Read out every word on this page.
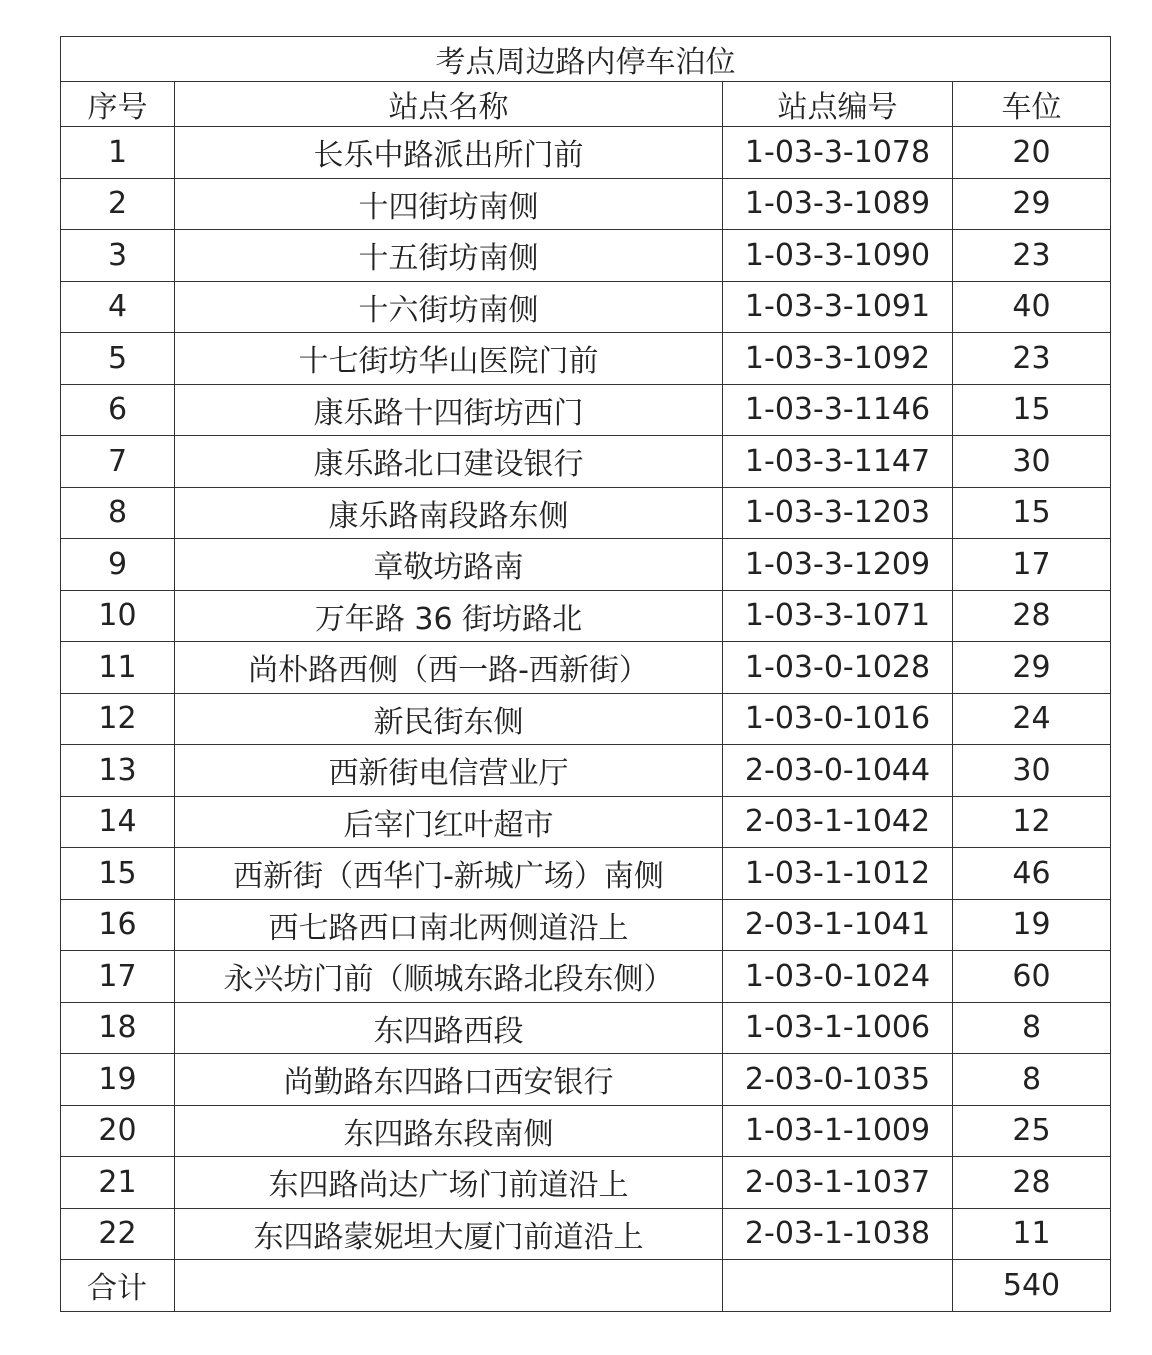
考点周边路内停车泊位			
序号	站点名称	站点编号	车位
1	长乐中路派出所门前	1-03-3-1078	20
2	十四街坊南侧	1-03-3-1089	29
3	十五街坊南侧	1-03-3-1090	23
4	十六街坊南侧	1-03-3-1091	40
5	十七街坊华山医院门前	1-03-3-1092	23
6	康乐路十四街坊西门	1-03-3-1146	15
7	康乐路北口建设银行	1-03-3-1147	30
8	康乐路南段路东侧	1-03-3-1203	15
9	章敬坊路南	1-03-3-1209	17
10	万年路 36 街坊路北	1-03-3-1071	28
11	尚朴路西侧（西一路-西新街）	1-03-0-1028	29
12	新民街东侧	1-03-0-1016	24
13	西新街电信营业厅	2-03-0-1044	30
14	后宰门红叶超市	2-03-1-1042	12
15	西新街（西华门-新城广场）南侧	1-03-1-1012	46
16	西七路西口南北两侧道沿上	2-03-1-1041	19
17	永兴坊门前（顺城东路北段东侧）	1-03-0-1024	60
18	东四路西段	1-03-1-1006	8
19	尚勤路东四路口西安银行	2-03-0-1035	8
20	东四路东段南侧	1-03-1-1009	25
21	东四路尚达广场门前道沿上	2-03-1-1037	28
22	东四路蒙妮坦大厦门前道沿上	2-03-1-1038	11
合计			540
